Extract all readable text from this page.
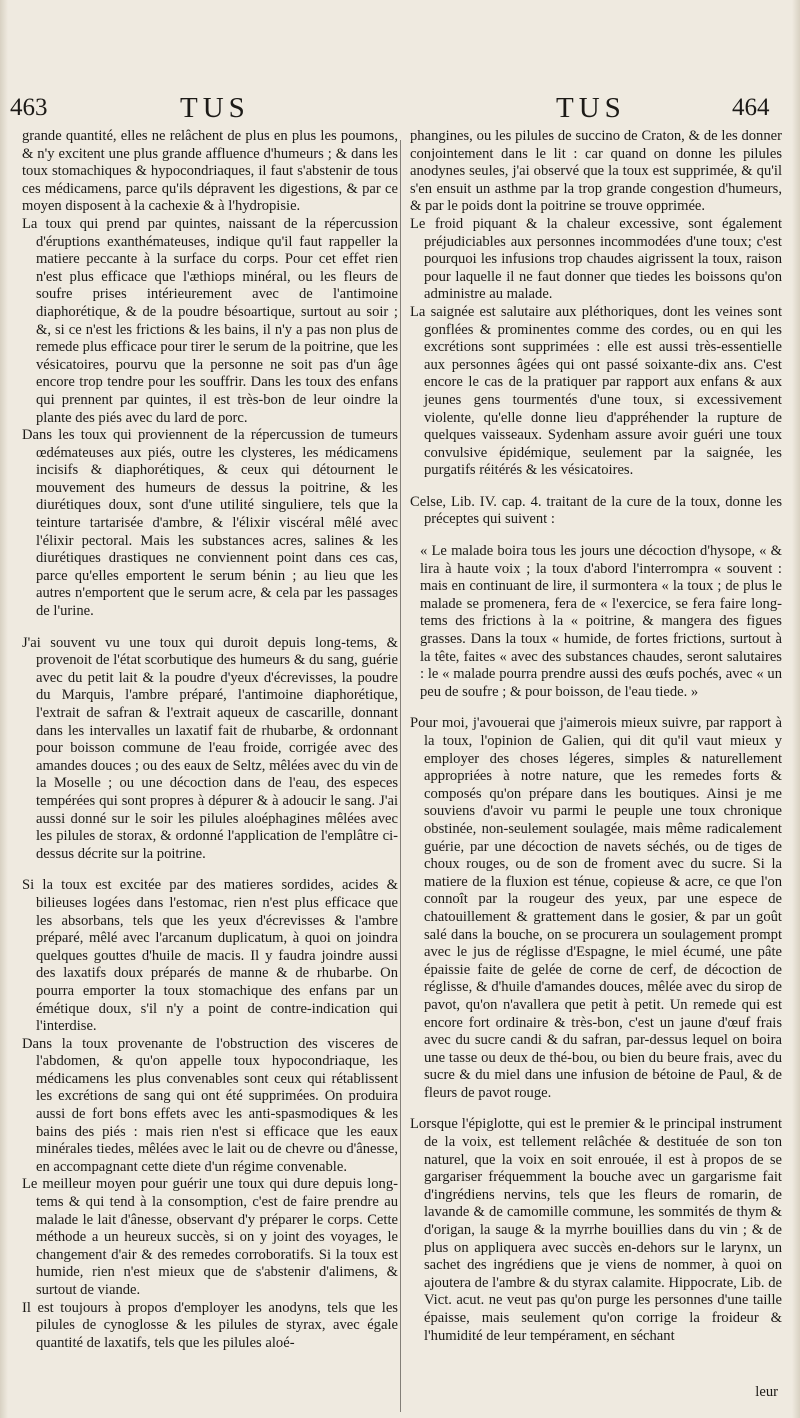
463	TUS	TUS	464

grande quantité, elles ne relâchent de plus en plus les poumons, & n'y excitent une plus grande affluence d'humeurs ; & dans les toux stomachiques & hypocondriaques, il faut s'abstenir de tous ces médicamens, parce qu'ils dépravent les digestions, & par ce moyen disposent à la cachexie & à l'hydropisie.

La toux qui prend par quintes, naissant de la répercussion d'éruptions exanthémateuses, indique qu'il faut rappeller la matiere peccante à la surface du corps. Pour cet effet rien n'est plus efficace que l'æthiops minéral, ou les fleurs de soufre prises intérieurement avec de l'antimoine diaphorétique, & de la poudre bésoartique, surtout au soir ; &, si ce n'est les frictions & les bains, il n'y a pas non plus de remede plus efficace pour tirer le serum de la poitrine, que les vésicatoires, pourvu que la personne ne soit pas d'un âge encore trop tendre pour les souffrir. Dans les toux des enfans qui prennent par quintes, il est très-bon de leur oindre la plante des piés avec du lard de porc.

Dans les toux qui proviennent de la répercussion de tumeurs œdémateuses aux piés, outre les clysteres, les médicamens incisifs & diaphorétiques, & ceux qui détournent le mouvement des humeurs de dessus la poitrine, & les diurétiques doux, sont d'une utilité singuliere, tels que la teinture tartarisée d'ambre, & l'élixir viscéral mêlé avec l'élixir pectoral. Mais les substances acres, salines & les diurétiques drastiques ne conviennent point dans ces cas, parce qu'elles emportent le serum bénin ; au lieu que les autres n'emportent que le serum acre, & cela par les passages de l'urine.

J'ai souvent vu une toux qui duroit depuis long-tems, & provenoit de l'état scorbutique des humeurs & du sang, guérie avec du petit lait & la poudre d'yeux d'écrevisses, la poudre du Marquis, l'ambre préparé, l'antimoine diaphorétique, l'extrait de safran & l'extrait aqueux de cascarille, donnant dans les intervalles un laxatif fait de rhubarbe, & ordonnant pour boisson commune de l'eau froide, corrigée avec des amandes douces ; ou des eaux de Seltz, mêlées avec du vin de la Moselle ; ou une décoction dans de l'eau, des especes tempérées qui sont propres à dépurer & à adoucir le sang. J'ai aussi donné sur le soir les pilules aloéphagines mêlées avec les pilules de storax, & ordonné l'application de l'emplâtre ci-dessus décrite sur la poitrine.

Si la toux est excitée par des matieres sordides, acides & bilieuses logées dans l'estomac, rien n'est plus efficace que les absorbans, tels que les yeux d'écrevisses & l'ambre préparé, mêlé avec l'arcanum duplicatum, à quoi on joindra quelques gouttes d'huile de macis. Il y faudra joindre aussi des laxatifs doux préparés de manne & de rhubarbe. On pourra emporter la toux stomachique des enfans par un émétique doux, s'il n'y a point de contre-indication qui l'interdise.

Dans la toux provenante de l'obstruction des visceres de l'abdomen, & qu'on appelle toux hypocondriaque, les médicamens les plus convenables sont ceux qui rétablissent les excrétions de sang qui ont été supprimées. On produira aussi de fort bons effets avec les anti-spasmodiques & les bains des piés : mais rien n'est si efficace que les eaux minérales tiedes, mêlées avec le lait ou de chevre ou d'ânesse, en accompagnant cette diete d'un régime convenable.

Le meilleur moyen pour guérir une toux qui dure depuis long-tems & qui tend à la consomption, c'est de faire prendre au malade le lait d'ânesse, observant d'y préparer le corps. Cette méthode a un heureux succès, si on y joint des voyages, le changement d'air & des remedes corroboratifs. Si la toux est humide, rien n'est mieux que de s'abstenir d'alimens, & surtout de viande.

Il est toujours à propos d'employer les anodyns, tels que les pilules de cynoglosse & les pilules de styrax, avec égale quantité de laxatifs, tels que les pilules aloé-

phangines, ou les pilules de succino de Craton, & de les donner conjointement dans le lit : car quand on donne les pilules anodynes seules, j'ai observé que la toux est supprimée, & qu'il s'en ensuit un asthme par la trop grande congestion d'humeurs, & par le poids dont la poitrine se trouve opprimée.

Le froid piquant & la chaleur excessive, sont également préjudiciables aux personnes incommodées d'une toux; c'est pourquoi les infusions trop chaudes aigrissent la toux, raison pour laquelle il ne faut donner que tiedes les boissons qu'on administre au malade.

La saignée est salutaire aux pléthoriques, dont les veines sont gonflées & prominentes comme des cordes, ou en qui les excrétions sont supprimées : elle est aussi très-essentielle aux personnes âgées qui ont passé soixante-dix ans. C'est encore le cas de la pratiquer par rapport aux enfans & aux jeunes gens tourmentés d'une toux, si excessivement violente, qu'elle donne lieu d'appréhender la rupture de quelques vaisseaux. Sydenham assure avoir guéri une toux convulsive épidémique, seulement par la saignée, les purgatifs réitérés & les vésicatoires.

Celse, Lib. IV. cap. 4. traitant de la cure de la toux, donne les préceptes qui suivent :

« Le malade boira tous les jours une décoction d'hysope, « & lira à haute voix ; la toux d'abord l'interrompra « souvent : mais en continuant de lire, il surmontera « la toux ; de plus le malade se promenera, fera de « l'exercice, se fera faire long-tems des frictions à la « poitrine, & mangera des figues grasses. Dans la toux « humide, de fortes frictions, surtout à la tête, faites « avec des substances chaudes, seront salutaires : le « malade pourra prendre aussi des œufs pochés, avec « un peu de soufre ; & pour boisson, de l'eau tiede. »

Pour moi, j'avouerai que j'aimerois mieux suivre, par rapport à la toux, l'opinion de Galien, qui dit qu'il vaut mieux y employer des choses légeres, simples & naturellement appropriées à notre nature, que les remedes forts & composés qu'on prépare dans les boutiques. Ainsi je me souviens d'avoir vu parmi le peuple une toux chronique obstinée, non-seulement soulagée, mais même radicalement guérie, par une décoction de navets séchés, ou de tiges de choux rouges, ou de son de froment avec du sucre. Si la matiere de la fluxion est ténue, copieuse & acre, ce que l'on connoît par la rougeur des yeux, par une espece de chatouillement & grattement dans le gosier, & par un goût salé dans la bouche, on se procurera un soulagement prompt avec le jus de réglisse d'Espagne, le miel écumé, une pâte épaissie faite de gelée de corne de cerf, de décoction de réglisse, & d'huile d'amandes douces, mêlée avec du sirop de pavot, qu'on n'avallera que petit à petit. Un remede qui est encore fort ordinaire & très-bon, c'est un jaune d'œuf frais avec du sucre candi & du safran, par-dessus lequel on boira une tasse ou deux de thé-bou, ou bien du beure frais, avec du sucre & du miel dans une infusion de bétoine de Paul, & de fleurs de pavot rouge.

Lorsque l'épiglotte, qui est le premier & le principal instrument de la voix, est tellement relâchée & destituée de son ton naturel, que la voix en soit enrouée, il est à propos de se gargariser fréquemment la bouche avec un gargarisme fait d'ingrédiens nervins, tels que les fleurs de romarin, de lavande & de camomille commune, les sommités de thym & d'origan, la sauge & la myrrhe bouillies dans du vin ; & de plus on appliquera avec succès en-dehors sur le larynx, un sachet des ingrédiens que je viens de nommer, à quoi on ajoutera de l'ambre & du styrax calamite. Hippocrate, Lib. de Vict. acut. ne veut pas qu'on purge les personnes d'une taille épaisse, mais seulement qu'on corrige la froideur & l'humidité de leur tempérament, en séchant

leur
